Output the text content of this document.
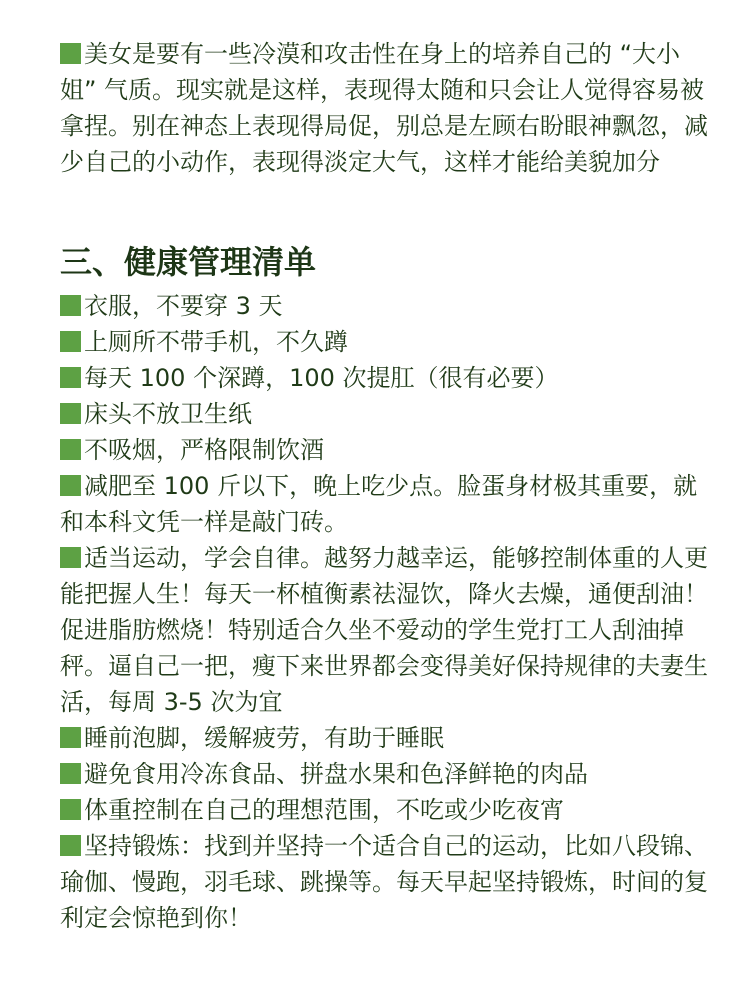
美女是要有一些冷漠和攻击性在身上的培养自己的 “大小姐” 气质。现实就是这样，表现得太随和只会让人觉得容易被拿捏。别在神态上表现得局促，别总是左顾右盼眼神飘忽，减少自己的小动作，表现得淡定大气，这样才能给美貌加分

三、健康管理清单

衣服，不要穿 3 天

上厕所不带手机，不久蹲

每天 100 个深蹲，100 次提肛（很有必要）

床头不放卫生纸

不吸烟，严格限制饮酒

减肥至 100 斤以下，晚上吃少点。脸蛋身材极其重要，就和本科文凭一样是敲门砖。

适当运动，学会自律。越努力越幸运，能够控制体重的人更能把握人生！每天一杯植衡素祛湿饮，降火去燥，通便刮油！促进脂肪燃烧！特别适合久坐不爱动的学生党打工人刮油掉秤。逼自己一把，瘦下来世界都会变得美好保持规律的夫妻生活，每周 3-5 次为宜

睡前泡脚，缓解疲劳，有助于睡眠

避免食用冷冻食品、拼盘水果和色泽鲜艳的肉品

体重控制在自己的理想范围，不吃或少吃夜宵

坚持锻炼：找到并坚持一个适合自己的运动，比如八段锦、瑜伽、慢跑，羽毛球、跳操等。每天早起坚持锻炼，时间的复利定会惊艳到你！
